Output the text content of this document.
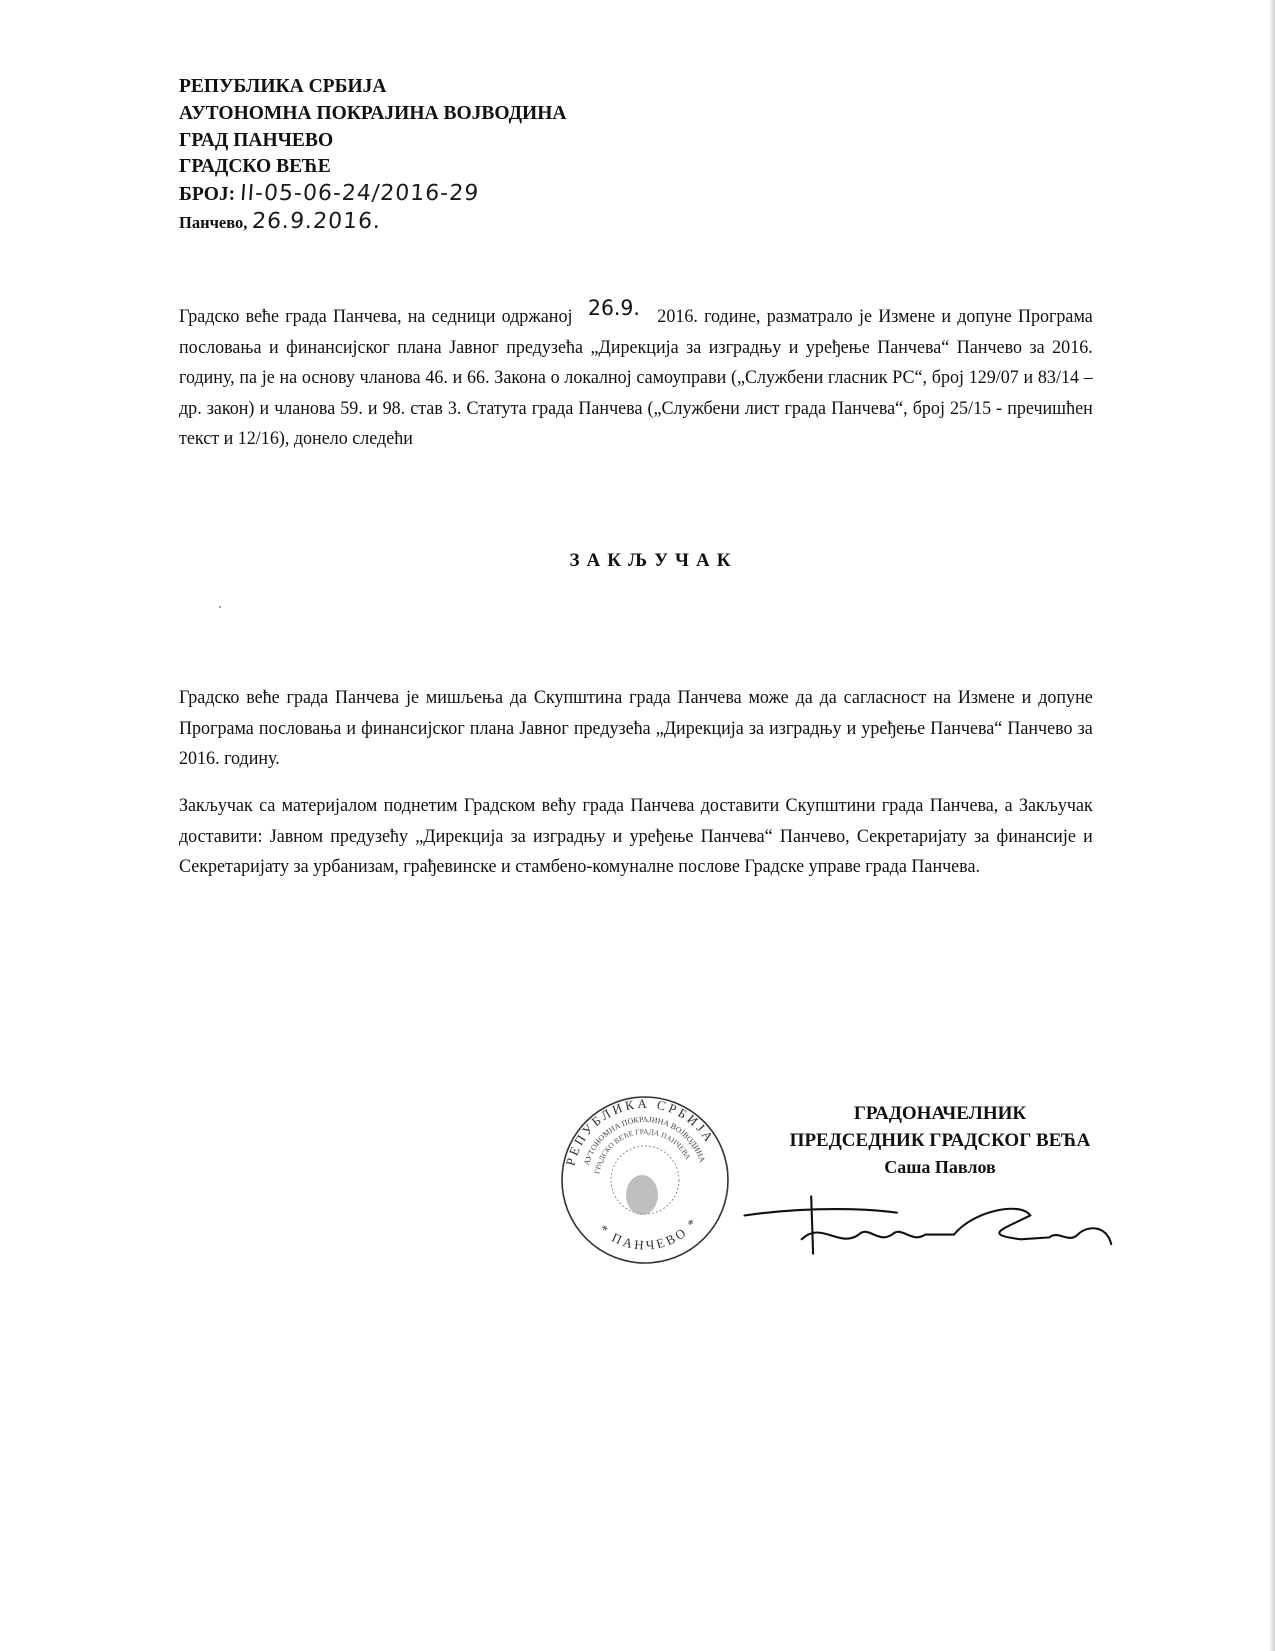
РЕПУБЛИКА СРБИЈА
АУТОНОМНА ПОКРАЈИНА ВОЈВОДИНА
ГРАД ПАНЧЕВО
ГРАДСКО ВЕЋЕ
БРОЈ: II-05-06-24/2016-29
Панчево, 26.9.2016.
Градско веће града Панчева, на седници одржаној 26.9. 2016. године, разматрало је Измене и допуне Програма пословања и финансијског плана Јавног предузећа „Дирекција за изградњу и уређење Панчева“ Панчево за 2016. годину, па је на основу чланова 46. и 66. Закона о локалној самоуправи („Службени гласник РС“, број 129/07 и 83/14 – др. закон) и чланова 59. и 98. став 3. Статута града Панчева („Службени лист града Панчева“, број 25/15 - пречишћен текст и 12/16), донело следећи
ЗАКЉУЧАК
Градско веће града Панчева је мишљења да Скупштина града Панчева може да да сагласност на Измене и допуне Програма пословања и финансијског плана Јавног предузећа „Дирекција за изградњу и уређење Панчева“ Панчево за 2016. годину.
Закључак са материјалом поднетим Градском већу града Панчева доставити Скупштини града Панчева, а Закључак доставити: Јавном предузећу „Дирекција за изградњу и уређење Панчева“ Панчево, Секретаријату за финансије и Секретаријату за урбанизам, грађевинске и стамбено-комуналне послове Градске управе града Панчева.
РЕПУБЛИКА СРБИЈА
АУТОНОМНА ПОКРАЈИНА ВОЈВОДИНА
ГРАДСКО ВЕЋЕ ГРАДА ПАНЧЕВА
* ПАНЧЕВО *
ГРАДОНАЧЕЛНИК
ПРЕДСЕДНИК ГРАДСКОГ ВЕЋА
Саша Павлов
